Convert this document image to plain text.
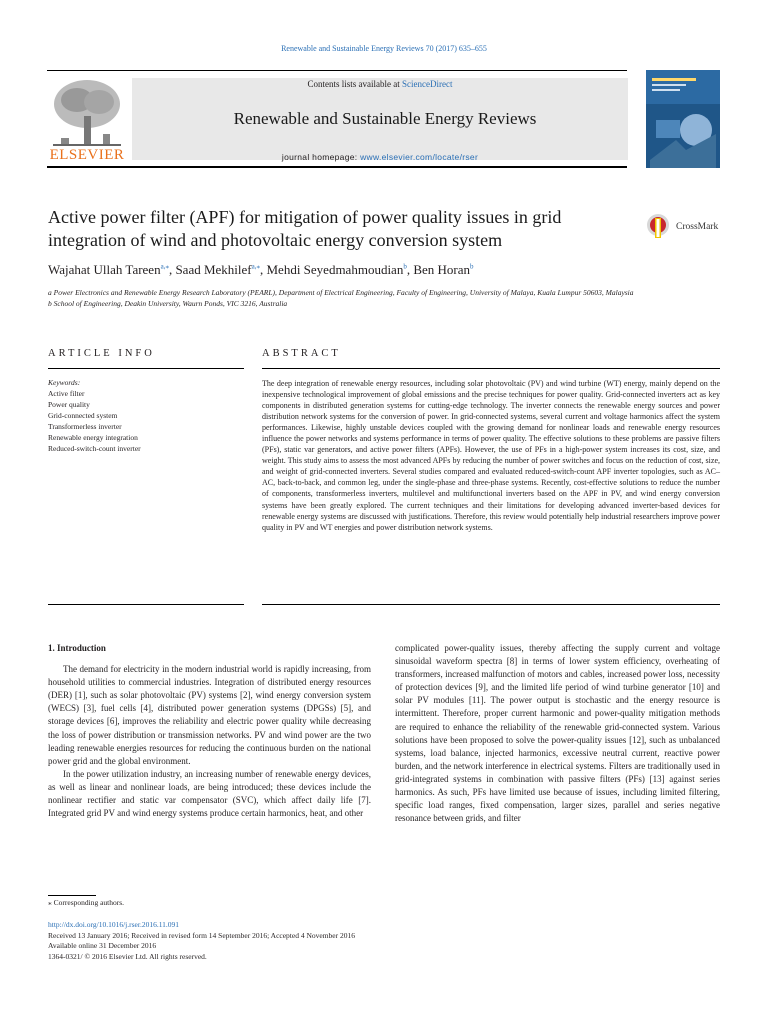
Renewable and Sustainable Energy Reviews 70 (2017) 635–655
ELSEVIER
Contents lists available at ScienceDirect
Renewable and Sustainable Energy Reviews
journal homepage: www.elsevier.com/locate/rser
Active power filter (APF) for mitigation of power quality issues in grid integration of wind and photovoltaic energy conversion system
CrossMark
Wajahat Ullah Tareen$^{a,⁎}$, Saad Mekhilef$^{a,⁎}$, Mehdi Seyedmahmoudian$^b$, Ben Horan$^b$
a Power Electronics and Renewable Energy Research Laboratory (PEARL), Department of Electrical Engineering, Faculty of Engineering, University of Malaya, Kuala Lumpur 50603, Malaysia
b School of Engineering, Deakin University, Waurn Ponds, VIC 3216, Australia
ARTICLE INFO	ABSTRACT
Keywords:
Active filter
Power quality
Grid-connected system
Transformerless inverter
Renewable energy integration
Reduced-switch-count inverter
The deep integration of renewable energy resources, including solar photovoltaic (PV) and wind turbine (WT) energy, mainly depend on the inexpensive technological improvement of global emissions and the precise techniques for power quality. Grid-connected inverters act as key components in distributed generation systems for cutting-edge technology. The inverter connects the renewable energy sources and power distribution network systems for the conversion of power. In grid-connected systems, several current and voltage harmonics affect the system performances. Likewise, highly unstable devices coupled with the growing demand for nonlinear loads and renewable energy resources influence the power networks and systems performance in terms of power quality. The effective solutions to these problems are passive filters (PFs), static var generators, and active power filters (APFs). However, the use of PFs in a high-power system increases its cost, size, and weight. This study aims to assess the most advanced APFs by reducing the number of power switches and focus on the reduction of cost, size, and weight of grid-connected inverters. Several studies compared and evaluated reduced-switch-count APF inverter topologies, such as AC–AC, back-to-back, and common leg, under the single-phase and three-phase systems. Recently, cost-effective solutions to reduce the number of components, transformerless inverters, multilevel and multifunctional inverters based on the APF in PV, and wind energy conversion systems have been greatly explored. The current techniques and their limitations for developing advanced inverter-based devices for renewable energy systems are discussed with justifications. Therefore, this review would potentially help industrial researchers improve power quality in PV and WT energies and power distribution network systems.
1. Introduction

The demand for electricity in the modern industrial world is rapidly increasing, from household utilities to commercial industries. Integration of distributed energy resources (DER) [1], such as solar photovoltaic (PV) systems [2], wind energy conversion system (WECS) [3], fuel cells [4], distributed power generation systems (DPGSs) [5], and storage devices [6], improves the reliability and electric power quality while decreasing the loss of power distribution or transmission networks. PV and wind power are the two leading renewable energies resources for reducing the continuous burden on the national power grid and the global environment.

In the power utilization industry, an increasing number of renewable energy devices, as well as linear and nonlinear loads, are being introduced; these devices include the nonlinear rectifier and static var compensator (SVC), which affect daily life [7]. Integrated grid PV and wind energy systems produce certain harmonics, heat, and other

complicated power-quality issues, thereby affecting the supply current and voltage sinusoidal waveform spectra [8] in terms of lower system efficiency, overheating of transformers, increased malfunction of motors and cables, increased power loss, necessity of protection devices [9], and the limited life period of wind turbine generator [10] and solar PV modules [11]. The power output is stochastic and the energy resource is intermittent. Therefore, proper current harmonic and power-quality mitigation methods are required to enhance the reliability of the renewable grid-connected system. Various solutions have been proposed to solve the power-quality issues [12], such as unbalanced systems, load balance, injected harmonics, excessive neutral current, reactive power burden, and the network interference in electrical systems. Filters are traditionally used in grid-integrated systems in combination with passive filters (PFs) [13] against series harmonics. As such, PFs have limited use because of issues, including limited filtering, specific load ranges, fixed compensation, larger sizes, parallel and series negative resonance between grids, and filter

⁎ Corresponding authors.
http://dx.doi.org/10.1016/j.rser.2016.11.091
Received 13 January 2016; Received in revised form 14 September 2016; Accepted 4 November 2016
Available online 31 December 2016
1364-0321/ © 2016 Elsevier Ltd. All rights reserved.
